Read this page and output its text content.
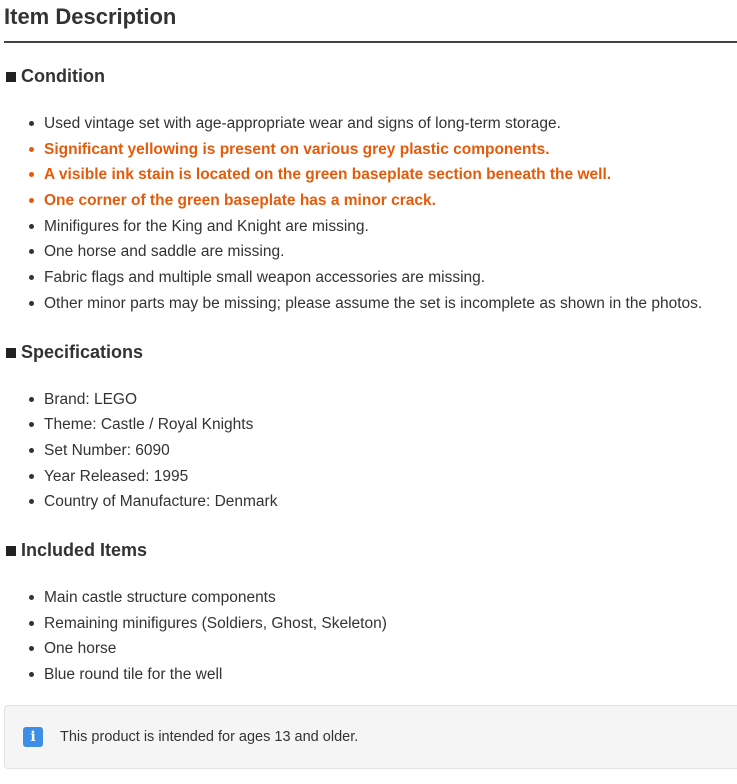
Item Description
Condition
Used vintage set with age-appropriate wear and signs of long-term storage.
Significant yellowing is present on various grey plastic components.
A visible ink stain is located on the green baseplate section beneath the well.
One corner of the green baseplate has a minor crack.
Minifigures for the King and Knight are missing.
One horse and saddle are missing.
Fabric flags and multiple small weapon accessories are missing.
Other minor parts may be missing; please assume the set is incomplete as shown in the photos.
Specifications
Brand: LEGO
Theme: Castle / Royal Knights
Set Number: 6090
Year Released: 1995
Country of Manufacture: Denmark
Included Items
Main castle structure components
Remaining minifigures (Soldiers, Ghost, Skeleton)
One horse
Blue round tile for the well
i	This product is intended for ages 13 and older.
